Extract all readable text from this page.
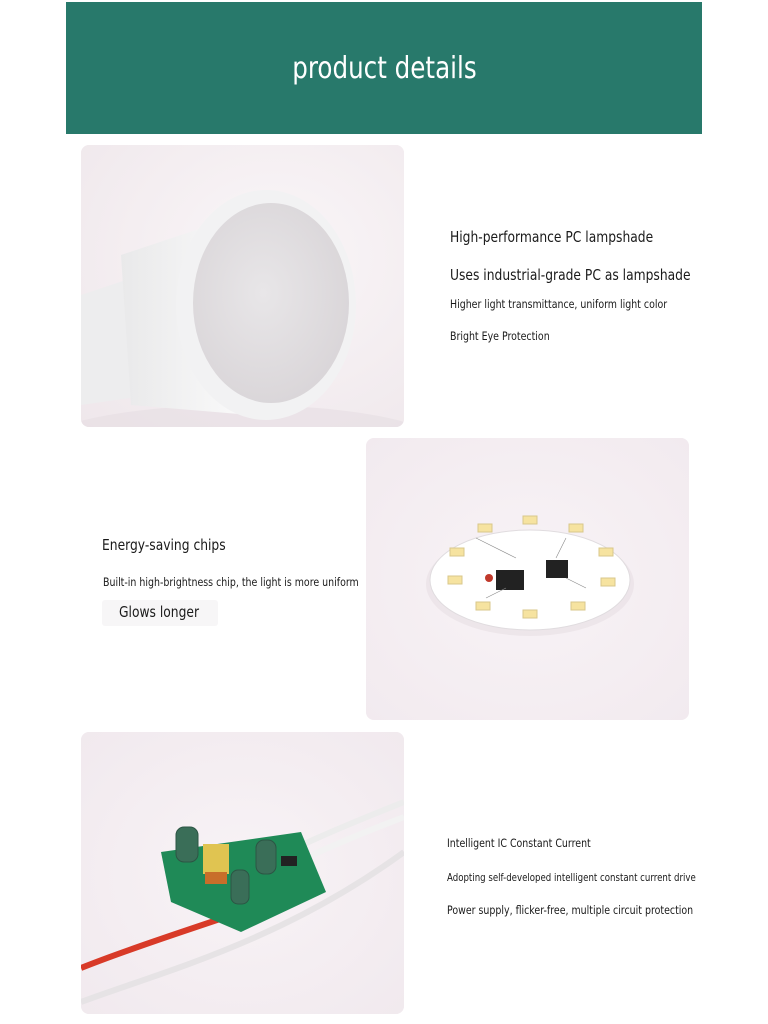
product details
High-performance PC lampshade
Uses industrial-grade PC as lampshade
Higher light transmittance, uniform light color
Bright Eye Protection
Energy-saving chips
Built-in high-brightness chip, the light is more uniform
Glows longer
Intelligent IC Constant Current
Adopting self-developed intelligent constant current drive
Power supply, flicker-free, multiple circuit protection
